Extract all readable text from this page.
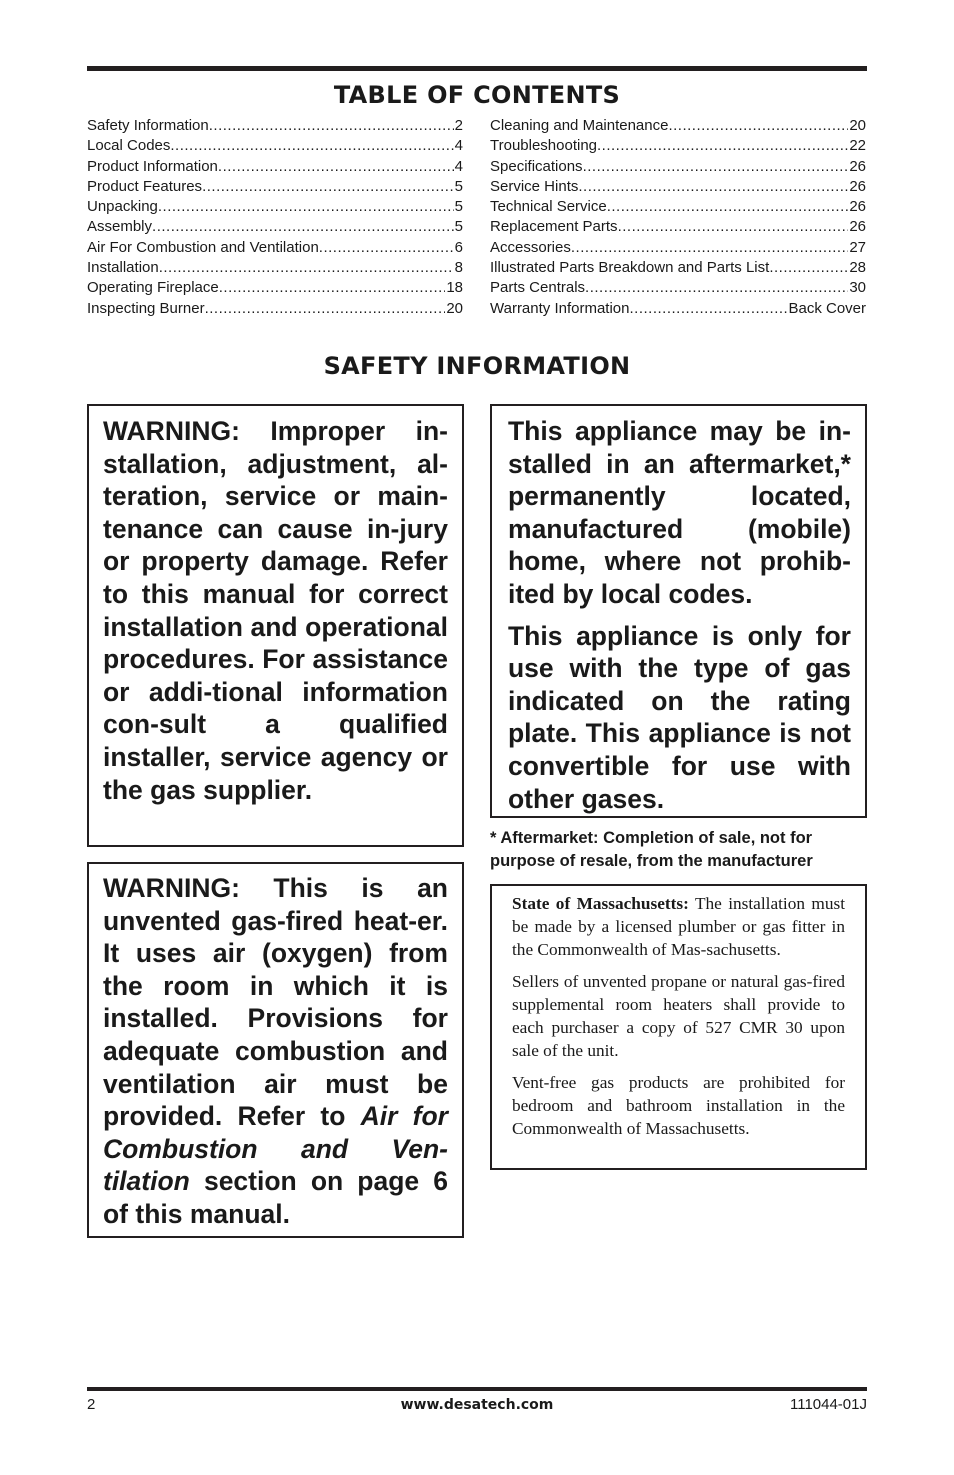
TABLE OF CONTENTS
Safety Information .....	2
Local Codes .....	4
Product Information .....	4
Product Features .....	5
Unpacking .....	5
Assembly .....	5
Air For Combustion and Ventilation .....	6
Installation .....	8
Operating Fireplace .....	18
Inspecting Burner .....	20
Cleaning and Maintenance .....	20
Troubleshooting .....	22
Specifications .....	26
Service Hints .....	26
Technical Service .....	26
Replacement Parts .....	26
Accessories .....	27
Illustrated Parts Breakdown and Parts List .....	28
Parts Centrals .....	30
Warranty Information .....	Back Cover
SAFETY INFORMATION

WARNING: Improper in-stallation, adjustment, al-teration, service or main-tenance can cause in-jury or property damage. Refer to this manual for correct installation and operational procedures. For assistance or addi-tional information con-sult a qualified installer, service agency or the gas supplier.

WARNING: This is an unvented gas-fired heat-er. It uses air (oxygen) from the room in which it is installed. Provisions for adequate combustion and ventilation air must be provided. Refer to Air for Combustion and Ven-tilation section on page 6 of this manual.

This appliance may be in-stalled in an aftermarket,* permanently located, manufactured (mobile) home, where not prohib-ited by local codes.

This appliance is only for use with the type of gas indicated on the rating plate. This appliance is not convertible for use with other gases.

* Aftermarket: Completion of sale, not for purpose of resale, from the manufacturer

State of Massachusetts: The installation must be made by a licensed plumber or gas fitter in the Commonwealth of Mas-sachusetts.

Sellers of unvented propane or natural gas-fired supplemental room heaters shall provide to each purchaser a copy of 527 CMR 30 upon sale of the unit.

Vent-free gas products are prohibited for bedroom and bathroom installation in the Commonwealth of Massachusetts.

2	www.desatech.com	111044-01J
